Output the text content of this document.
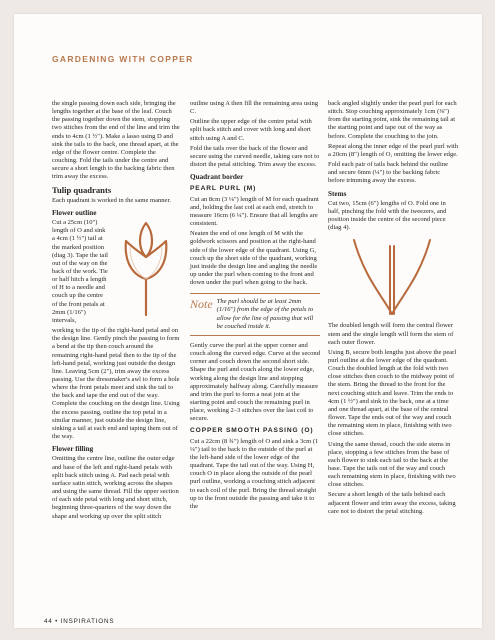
GARDENING WITH COPPER

the single passing down each side, bringing the lengths together at the base of the leaf. Couch the passing together down the stem, stopping two stitches from the end of the line and trim the ends to 4cm (1 ½"). Make a lasso using D and sink the tails to the back, one thread apart, at the edge of the flower centre. Complete the couching. Fold the tails under the centre and secure a short length to the backing fabric then trim away the excess.

Tulip quadrants

Each quadrant is worked in the same manner.

Flower outline

Cut a 25cm (10") length of O and sink a 4cm (1 ½") tail at the marked position (diag 3). Tape the tail out of the way on the back of the work. Tie or half hitch a length of H to a needle and couch up the centre of the front petals at 2mm (1/16") intervals,

working to the tip of the right-hand petal and on the design line. Gently pinch the passing to form a bend at the tip then couch around the remaining right-hand petal then to the tip of the left-hand petal, working just outside the design line. Leaving 5cm (2"), trim away the excess passing. Use the dressmaker's awl to form a hole where the front petals meet and sink the tail to the back and tape the end out of the way. Complete the couching on the design line. Using the excess passing, outline the top petal in a similar manner, just outside the design line, sinking a tail at each end and taping them out of the way.

Flower filling

Omitting the centre line, outline the outer edge and base of the left and right-hand petals with split back stitch using A. Pad each petal with surface satin stitch, working across the shapes and using the same thread. Fill the upper section of each side petal with long and short stitch, beginning three-quarters of the way down the shape and working up over the split stitch

outline using A then fill the remaining area using C.

Outline the upper edge of the centre petal with split back stitch and cover with long and short stitch using A and C.

Fold the tails over the back of the flower and secure using the curved needle, taking care not to distort the petal stitching. Trim away the excess.

Quadrant border
PEARL PURL (M)

Cut an 8cm (3 ⅛") length of M for each quadrant and, holding the last coil at each end, stretch to measure 16cm (6 ¼"). Ensure that all lengths are consistent.

Neaten the end of one length of M with the goldwork scissors and position at the right-hand side of the lower edge of the quadrant. Using G, couch up the short side of the quadrant, working just inside the design line and angling the needle up under the purl when coming to the front and down under the purl when going to the back.

Note The purl should be at least 2mm (1/16") from the edge of the petals to allow for the line of passing that will be couched inside it.

Gently curve the purl at the upper corner and couch along the curved edge. Curve at the second corner and couch down the second short side. Shape the purl and couch along the lower edge, working along the design line and stopping approximately halfway along. Carefully measure and trim the purl to form a neat join at the starting point and couch the remaining purl in place, working 2–3 stitches over the last coil to secure.

COPPER SMOOTH PASSING (O)

Cut a 22cm (8 ¾") length of O and sink a 3cm (1 ¼") tail to the back to the outside of the purl at the left-hand side of the lower edge of the quadrant. Tape the tail out of the way. Using H, couch O in place along the outside of the pearl purl outline, working a couching stitch adjacent to each coil of the purl. Bring the thread straight up to the front outside the passing and take it to the

back angled slightly under the pearl purl for each stitch. Stop couching approximately 1cm (⅜") from the starting point, sink the remaining tail at the starting point and tape out of the way as before. Complete the couching to the join.

Repeat along the inner edge of the pearl purl with a 20cm (8") length of O, omitting the lower edge.

Fold each pair of tails back behind the outline and secure 6mm (¼") to the backing fabric before trimming away the excess.

Stems

Cut two, 15cm (6") lengths of O. Fold one in half, pinching the fold with the tweezers, and position inside the centre of the second piece (diag 4).

The doubled length will form the central flower stem and the single length will form the stem of each outer flower.

Using B, secure both lengths just above the pearl purl outline at the lower edge of the quadrant. Couch the doubled length at the fold with two close stitches then couch to the midway point of the stem. Bring the thread to the front for the next couching stitch and leave. Trim the ends to 4cm (1 ½") and sink to the back, one at a time and one thread apart, at the base of the central flower. Tape the ends out of the way and couch the remaining stem in place, finishing with two close stitches.

Using the same thread, couch the side stems in place, stopping a few stitches from the base of each flower to sink each tail to the back at the base. Tape the tails out of the way and couch each remaining stem in place, finishing with two close stitches.

Secure a short length of the tails behind each adjacent flower and trim away the excess, taking care not to distort the petal stitching.

44 • INSPIRATIONS
